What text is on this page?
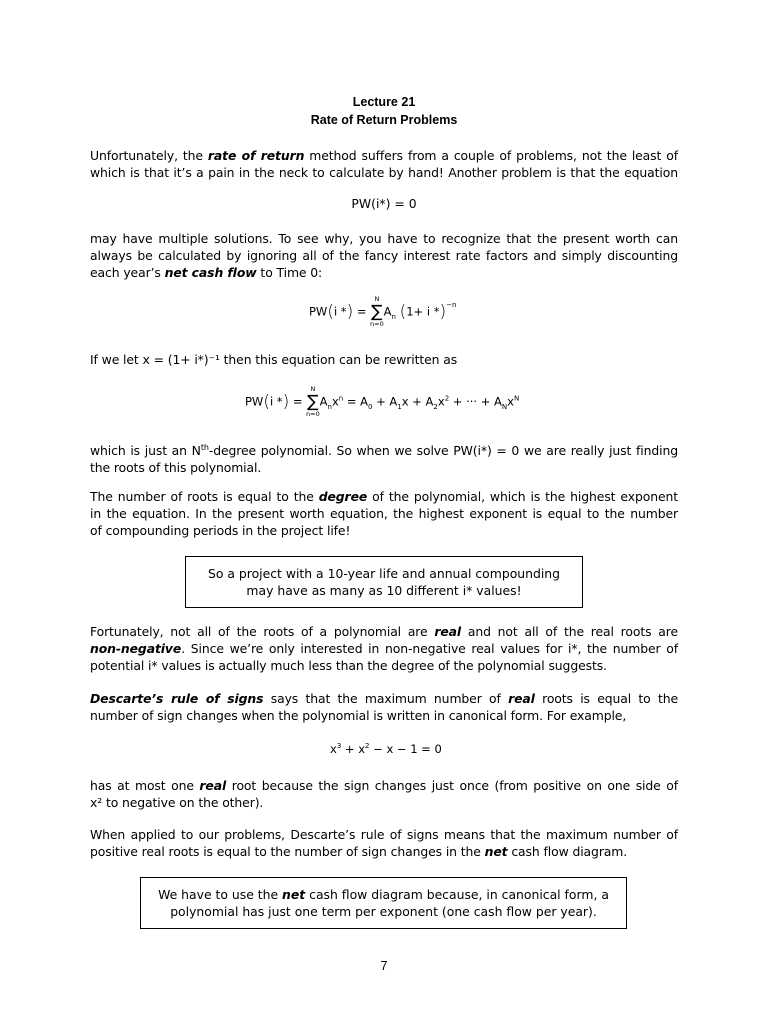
Lecture 21
Rate of Return Problems
Unfortunately, the rate of return method suffers from a couple of problems, not the least of
which is that it’s a pain in the neck to calculate by hand! Another problem is that the equation
PW(i*) = 0
may have multiple solutions. To see why, you have to recognize that the present worth can
always be calculated by ignoring all of the fancy interest rate factors and simply discounting
each year’s net cash flow to Time 0:
PW(i *) = ∑
N
n=0
$A_n$ (1+ i *)$^{-n}$
If we let x = (1+ i*)⁻¹ then this equation can be rewritten as
PW(i *) = ∑
N
n=0
$A_nx^n = A_0 + A_1x + A_2x^2$ + ··· + $A_Nx^N$
which is just an $N^{th}$-degree polynomial. So when we solve PW(i*) = 0 we are really just finding
the roots of this polynomial.
The number of roots is equal to the degree of the polynomial, which is the highest exponent
in the equation. In the present worth equation, the highest exponent is equal to the number
of compounding periods in the project life!
So a project with a 10-year life and annual compounding
may have as many as 10 different i* values!
Fortunately, not all of the roots of a polynomial are real and not all of the real roots are
non-negative. Since we’re only interested in non-negative real values for i*, the number of
potential i* values is actually much less than the degree of the polynomial suggests.
Descarte’s rule of signs says that the maximum number of real roots is equal to the
number of sign changes when the polynomial is written in canonical form. For example,
$x^3 + x^2 - x - 1 = 0$
has at most one real root because the sign changes just once (from positive on one side of
x² to negative on the other).
When applied to our problems, Descarte’s rule of signs means that the maximum number of
positive real roots is equal to the number of sign changes in the net cash flow diagram.
We have to use the net cash flow diagram because, in canonical form, a
polynomial has just one term per exponent (one cash flow per year).
7
